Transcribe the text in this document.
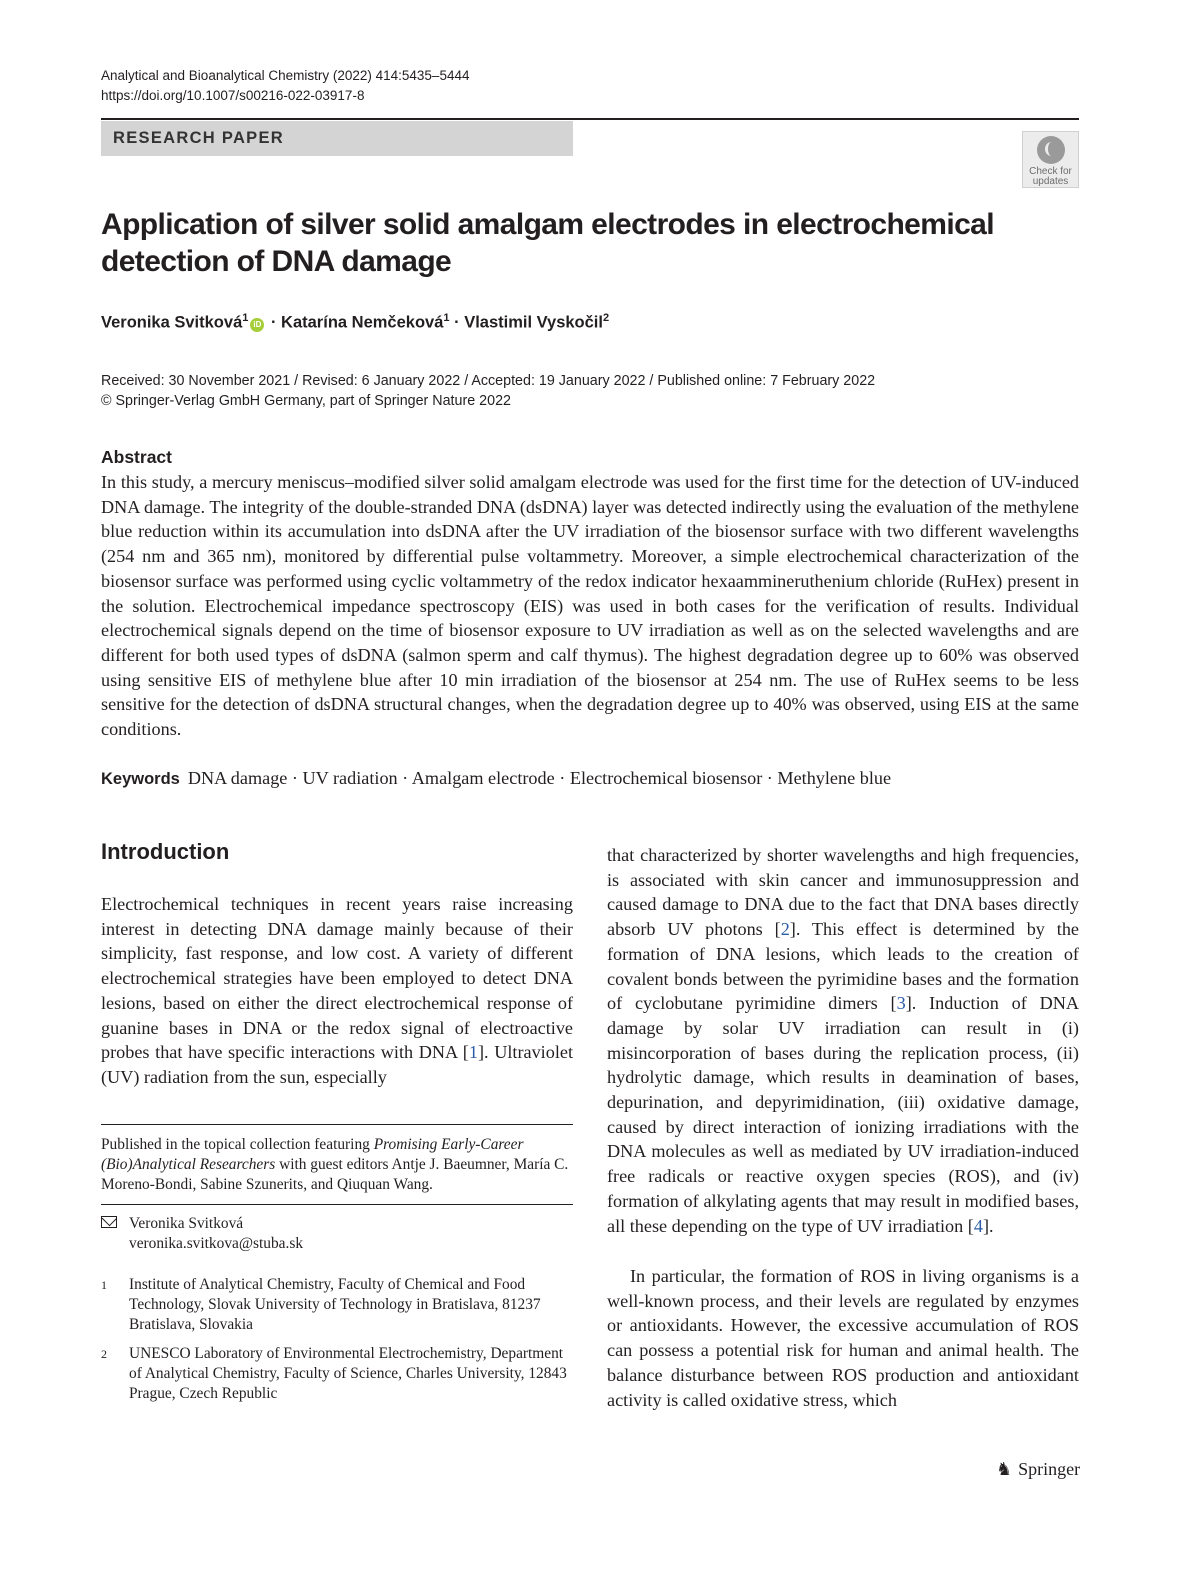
Analytical and Bioanalytical Chemistry (2022) 414:5435–5444
https://doi.org/10.1007/s00216-022-03917-8
RESEARCH PAPER
Check for
updates
Application of silver solid amalgam electrodes in electrochemical detection of DNA damage
Veronika Svitková$^1$ iD · Katarína Nemčeková$^1$ · Vlastimil Vyskočil$^2$
Received: 30 November 2021 / Revised: 6 January 2022 / Accepted: 19 January 2022 / Published online: 7 February 2022
© Springer-Verlag GmbH Germany, part of Springer Nature 2022
Abstract

In this study, a mercury meniscus–modified silver solid amalgam electrode was used for the first time for the detection of UV-induced DNA damage. The integrity of the double-stranded DNA (dsDNA) layer was detected indirectly using the evaluation of the methylene blue reduction within its accumulation into dsDNA after the UV irradiation of the biosensor surface with two different wavelengths (254 nm and 365 nm), monitored by differential pulse voltammetry. Moreover, a simple electrochemical characterization of the biosensor surface was performed using cyclic voltammetry of the redox indicator hexaammineruthenium chloride (RuHex) present in the solution. Electrochemical impedance spectroscopy (EIS) was used in both cases for the verification of results. Individual electrochemical signals depend on the time of biosensor exposure to UV irradiation as well as on the selected wavelengths and are different for both used types of dsDNA (salmon sperm and calf thymus). The highest degradation degree up to 60% was observed using sensitive EIS of methylene blue after 10 min irradiation of the biosensor at 254 nm. The use of RuHex seems to be less sensitive for the detection of dsDNA structural changes, when the degradation degree up to 40% was observed, using EIS at the same conditions.

Keywords DNA damage · UV radiation · Amalgam electrode · Electrochemical biosensor · Methylene blue
Introduction

Electrochemical techniques in recent years raise increasing interest in detecting DNA damage mainly because of their simplicity, fast response, and low cost. A variety of different electrochemical strategies have been employed to detect DNA lesions, based on either the direct electrochemical response of guanine bases in DNA or the redox signal of electroactive probes that have specific interactions with DNA [1]. Ultraviolet (UV) radiation from the sun, especially

that characterized by shorter wavelengths and high frequencies, is associated with skin cancer and immunosuppression and caused damage to DNA due to the fact that DNA bases directly absorb UV photons [2]. This effect is determined by the formation of DNA lesions, which leads to the creation of covalent bonds between the pyrimidine bases and the formation of cyclobutane pyrimidine dimers [3]. Induction of DNA damage by solar UV irradiation can result in (i) misincorporation of bases during the replication process, (ii) hydrolytic damage, which results in deamination of bases, depurination, and depyrimidination, (iii) oxidative damage, caused by direct interaction of ionizing irradiations with the DNA molecules as well as mediated by UV irradiation-induced free radicals or reactive oxygen species (ROS), and (iv) formation of alkylating agents that may result in modified bases, all these depending on the type of UV irradiation [4].

In particular, the formation of ROS in living organisms is a well-known process, and their levels are regulated by enzymes or antioxidants. However, the excessive accumulation of ROS can possess a potential risk for human and animal health. The balance disturbance between ROS production and antioxidant activity is called oxidative stress, which

Published in the topical collection featuring Promising Early-Career (Bio)Analytical Researchers with guest editors Antje J. Baeumner, María C. Moreno-Bondi, Sabine Szunerits, and Qiuquan Wang.

Veronika Svitková
veronika.svitkova@stuba.sk
1 Institute of Analytical Chemistry, Faculty of Chemical and Food Technology, Slovak University of Technology in Bratislava, 81237 Bratislava, Slovakia
2 UNESCO Laboratory of Environmental Electrochemistry, Department of Analytical Chemistry, Faculty of Science, Charles University, 12843 Prague, Czech Republic
♞ Springer
